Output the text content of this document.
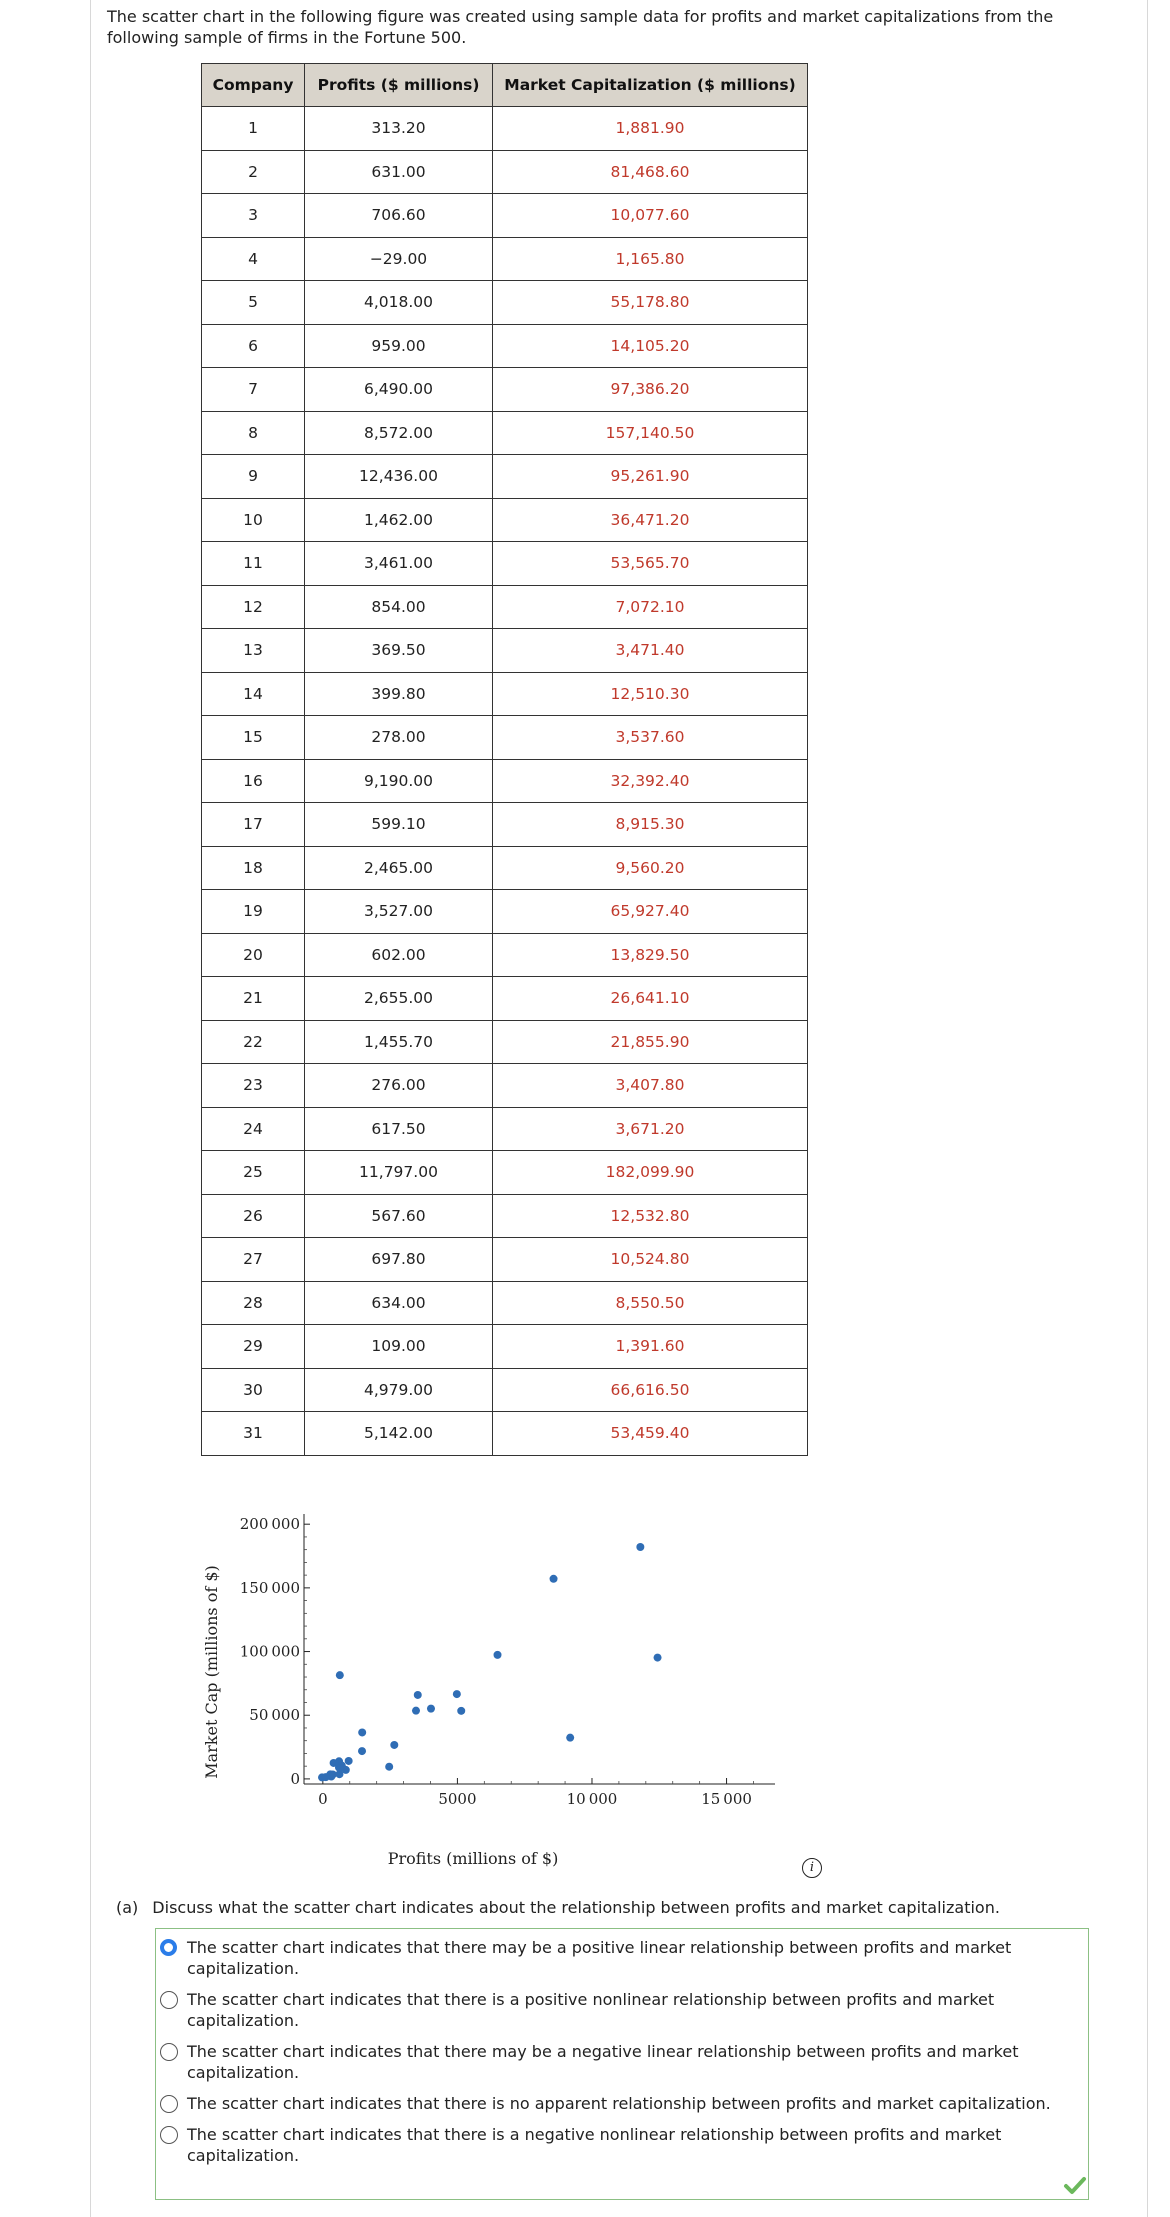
The scatter chart in the following figure was created using sample data for profits and market capitalizations from the following sample of firms in the Fortune 500.
Company	Profits ($ millions)	Market Capitalization ($ millions)
1	313.20	1,881.90
2	631.00	81,468.60
3	706.60	10,077.60
4	−29.00	1,165.80
5	4,018.00	55,178.80
6	959.00	14,105.20
7	6,490.00	97,386.20
8	8,572.00	157,140.50
9	12,436.00	95,261.90
10	1,462.00	36,471.20
11	3,461.00	53,565.70
12	854.00	7,072.10
13	369.50	3,471.40
14	399.80	12,510.30
15	278.00	3,537.60
16	9,190.00	32,392.40
17	599.10	8,915.30
18	2,465.00	9,560.20
19	3,527.00	65,927.40
20	602.00	13,829.50
21	2,655.00	26,641.10
22	1,455.70	21,855.90
23	276.00	3,407.80
24	617.50	3,671.20
25	11,797.00	182,099.90
26	567.60	12,532.80
27	697.80	10,524.80
28	634.00	8,550.50
29	109.00	1,391.60
30	4,979.00	66,616.50
31	5,142.00	53,459.40
0	5000	10 000	15 000
0
50 000
100 000
150 000
200 000
Profits (millions of $)
Market Cap (millions of $)
i
(a) Discuss what the scatter chart indicates about the relationship between profits and market capitalization.
The scatter chart indicates that there may be a positive linear relationship between profits and market capitalization.
The scatter chart indicates that there is a positive nonlinear relationship between profits and market capitalization.
The scatter chart indicates that there may be a negative linear relationship between profits and market capitalization.
The scatter chart indicates that there is no apparent relationship between profits and market capitalization.
The scatter chart indicates that there is a negative nonlinear relationship between profits and market capitalization.
